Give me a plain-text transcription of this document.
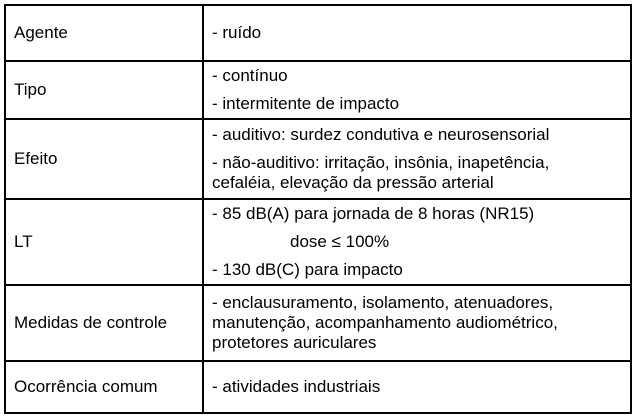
Agente	- ruído

Tipo	- contínuo
- intermitente de impacto

Efeito	- auditivo: surdez condutiva e neurosensorial
- não-auditivo: irritação, insônia, inapetência,
cefaléia, elevação da pressão arterial

LT	- 85 dB(A) para jornada de 8 horas (NR15)
dose ≤ 100%
- 130 dB(C) para impacto

Medidas de controle	- enclausuramento, isolamento, atenuadores,
manutenção, acompanhamento audiométrico,
protetores auriculares

Ocorrência comum	- atividades industriais
